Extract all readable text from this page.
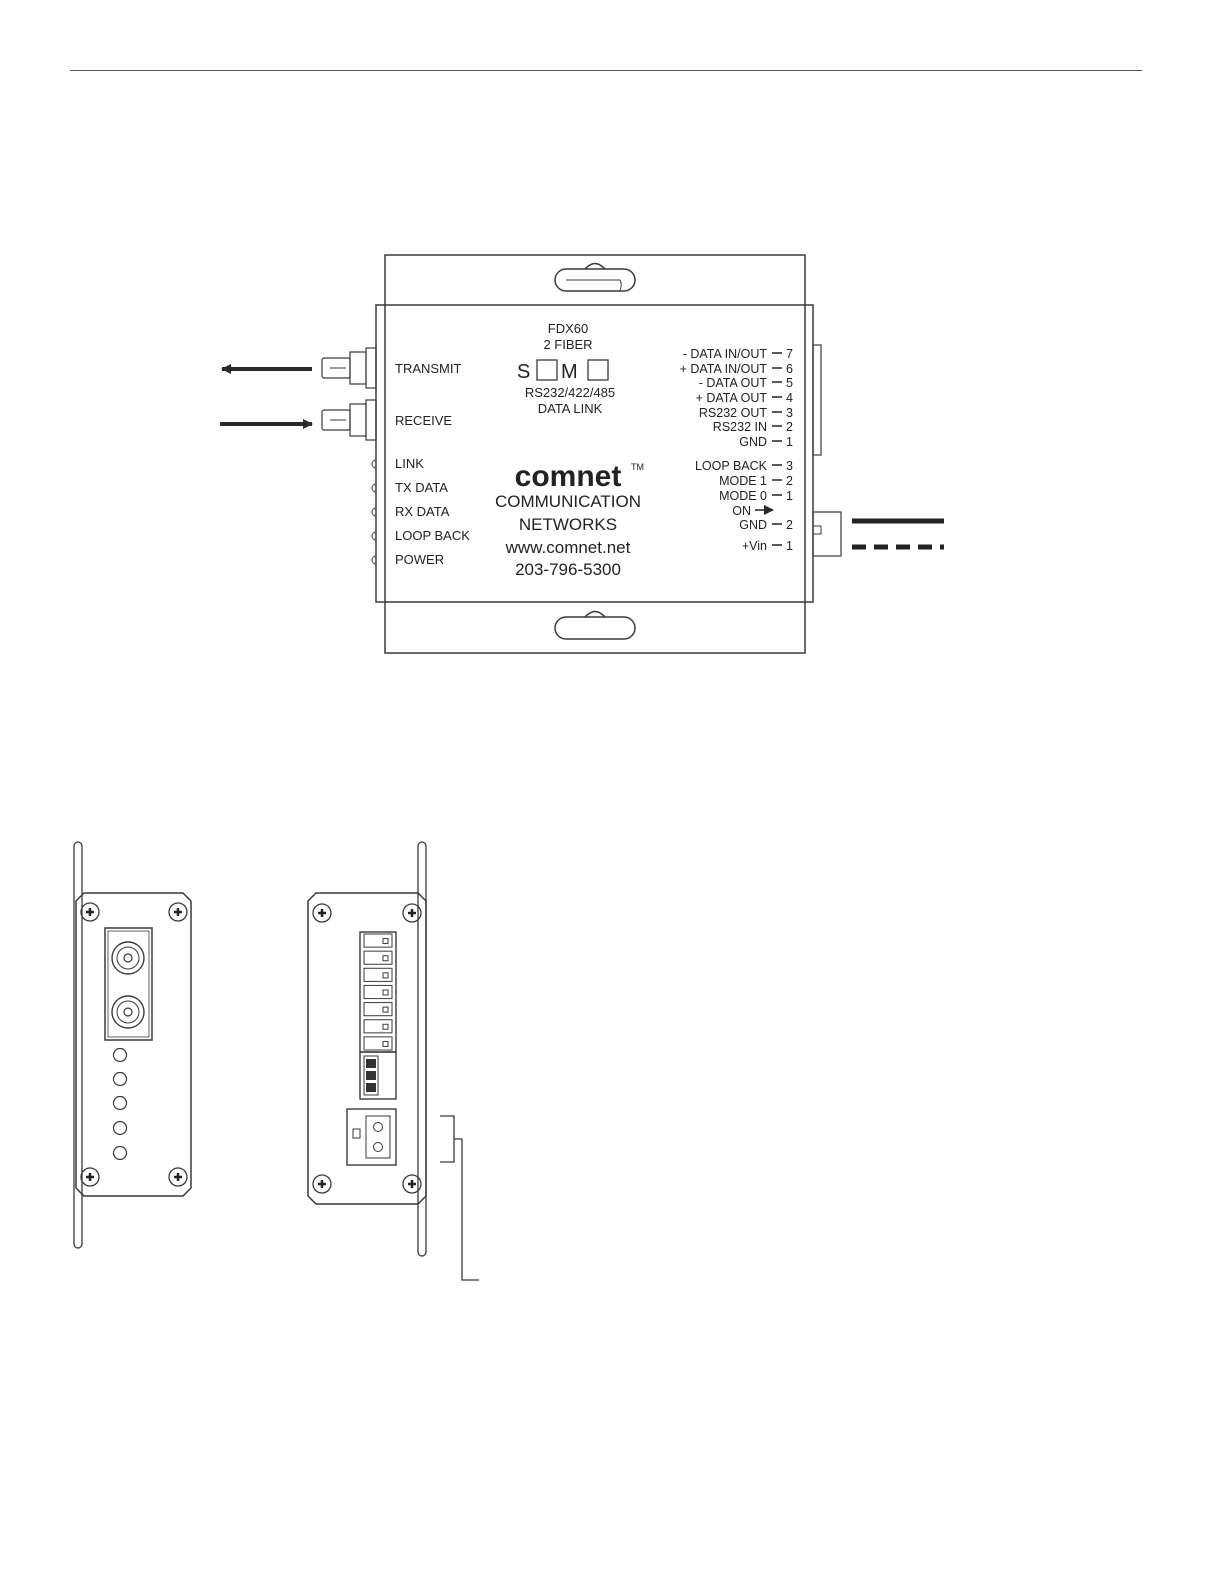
TRANSMIT
RECEIVE
LINK
TX DATA
RX DATA
LOOP BACK
POWER
FDX60
2 FIBER
S M
RS232/422/485
DATA LINK
comnet TM
COMMUNICATION
NETWORKS
www.comnet.net
203-796-5300
- DATA IN/OUT 7
+ DATA IN/OUT 6
- DATA OUT 5
+ DATA OUT 4
RS232 OUT 3
RS232 IN 2
GND 1
LOOP BACK 3
MODE 1 2
MODE 0 1
ON
GND 2
+Vin 1
